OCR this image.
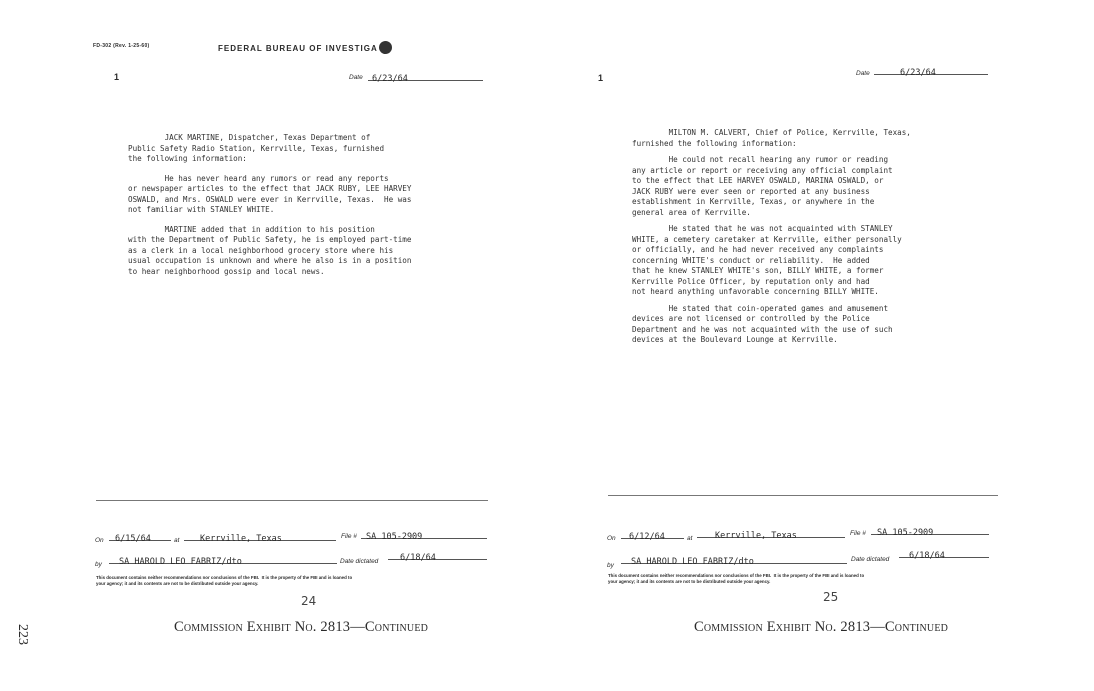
FD-302 (Rev. 1-25-60)	FEDERAL BUREAU OF INVESTIGA
1	Date	6/23/64
JACK MARTINE, Dispatcher, Texas Department of
Public Safety Radio Station, Kerrville, Texas, furnished
the following information:
He has never heard any rumors or read any reports
or newspaper articles to the effect that JACK RUBY, LEE HARVEY
OSWALD, and Mrs. OSWALD were ever in Kerrville, Texas.  He was
not familiar with STANLEY WHITE.
MARTINE added that in addition to his position
with the Department of Public Safety, he is employed part-time
as a clerk in a local neighborhood grocery store where his
usual occupation is unknown and where he also is in a position
to hear neighborhood gossip and local news.
On	6/15/64	at	Kerrville, Texas	File #	SA 105-2909
by	SA HAROLD LEO FABRIZ/dto	Date dictated	6/18/64
This document contains neither recommendations nor conclusions of the FBI.  It is the property of the FBI and is loaned to
your agency; it and its contents are not to be distributed outside your agency.
24
Commission Exhibit No. 2813—Continued
1	Date	6/23/64
MILTON M. CALVERT, Chief of Police, Kerrville, Texas,
furnished the following information:
He could not recall hearing any rumor or reading
any article or report or receiving any official complaint
to the effect that LEE HARVEY OSWALD, MARINA OSWALD, or
JACK RUBY were ever seen or reported at any business
establishment in Kerrville, Texas, or anywhere in the
general area of Kerrville.
He stated that he was not acquainted with STANLEY
WHITE, a cemetery caretaker at Kerrville, either personally
or officially, and he had never received any complaints
concerning WHITE's conduct or reliability.  He added
that he knew STANLEY WHITE's son, BILLY WHITE, a former
Kerrville Police Officer, by reputation only and had
not heard anything unfavorable concerning BILLY WHITE.
He stated that coin-operated games and amusement
devices are not licensed or controlled by the Police
Department and he was not acquainted with the use of such
devices at the Boulevard Lounge at Kerrville.
On	6/12/64	at	Kerrville, Texas	File #	SA 105-2909
by	SA HAROLD LEO FABRIZ/dto	Date dictated	6/18/64
This document contains neither recommendations nor conclusions of the FBI.  It is the property of the FBI and is loaned to
your agency; it and its contents are not to be distributed outside your agency.
25
Commission Exhibit No. 2813—Continued
223
